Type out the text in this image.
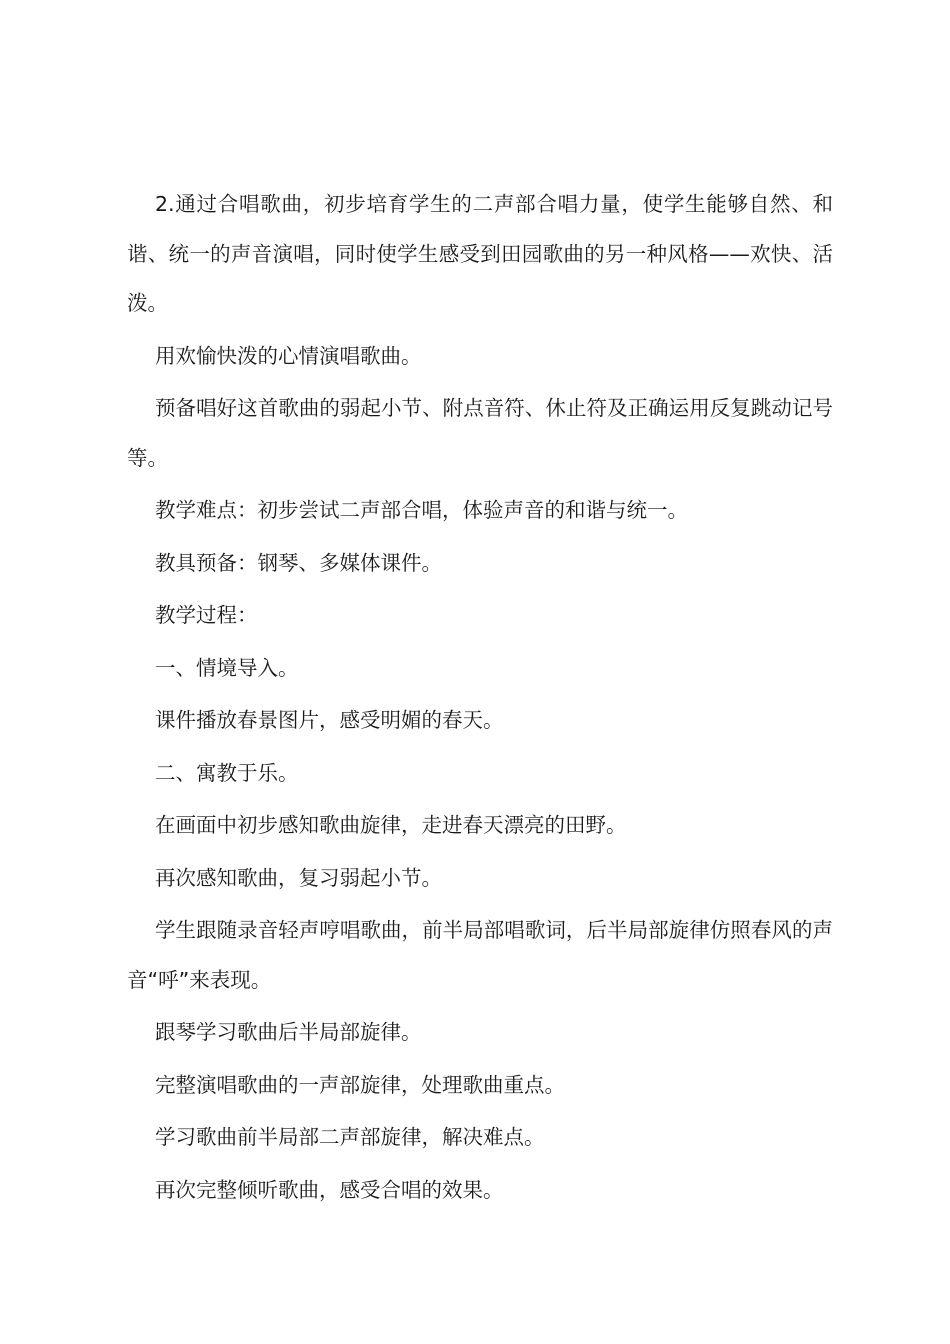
2.通过合唱歌曲，初步培育学生的二声部合唱力量，使学生能够自然、和谐、统一的声音演唱，同时使学生感受到田园歌曲的另一种风格——欢快、活泼。

用欢愉快泼的心情演唱歌曲。

预备唱好这首歌曲的弱起小节、附点音符、休止符及正确运用反复跳动记号等。

教学难点：初步尝试二声部合唱，体验声音的和谐与统一。

教具预备：钢琴、多媒体课件。

教学过程：

一、情境导入。

课件播放春景图片，感受明媚的春天。

二、寓教于乐。

在画面中初步感知歌曲旋律，走进春天漂亮的田野。

再次感知歌曲，复习弱起小节。

学生跟随录音轻声哼唱歌曲，前半局部唱歌词，后半局部旋律仿照春风的声音“呼”来表现。

跟琴学习歌曲后半局部旋律。

完整演唱歌曲的一声部旋律，处理歌曲重点。

学习歌曲前半局部二声部旋律，解决难点。

再次完整倾听歌曲，感受合唱的效果。
